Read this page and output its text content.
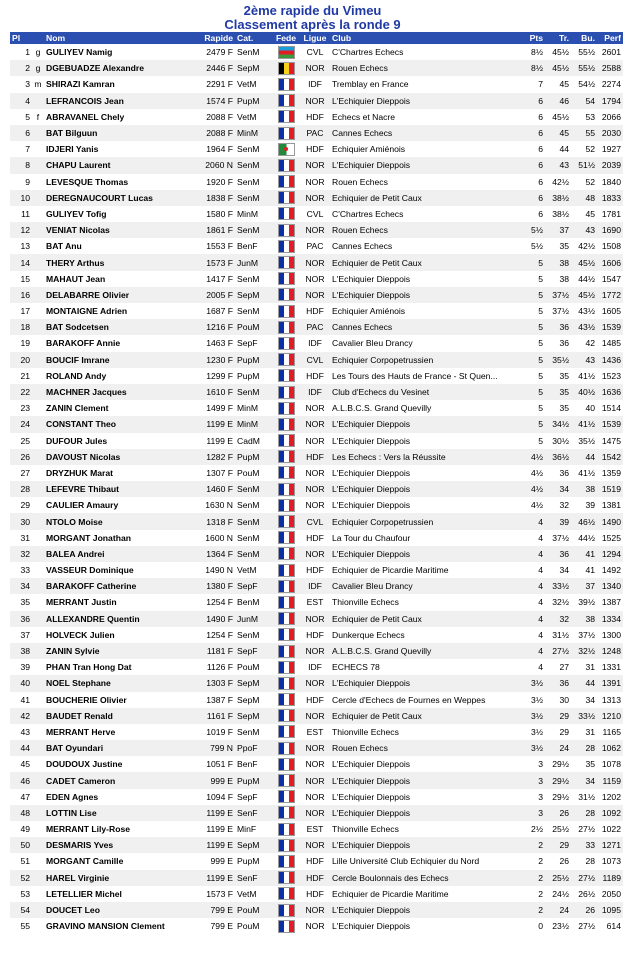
2ème rapide du Vimeu
Classement après la ronde 9
Pl		Nom	Rapide	Cat.	Fede	Ligue	Club	Pts	Tr.	Bu.	Perf
1	g	GULIYEV Namig	2479 F	SenM		CVL	C'Chartres Echecs	8½	45½	55½	2601
2	g	DGEBUADZE Alexandre	2446 F	SepM		NOR	Rouen Echecs	8½	45½	55½	2588
3	m	SHIRAZI Kamran	2291 F	VetM		IDF	Tremblay en France	7	45	54½	2274
4		LEFRANCOIS Jean	1574 F	PupM		NOR	L'Echiquier Dieppois	6	46	54	1794
5	f	ABRAVANEL Chely	2088 F	VetM		HDF	Echecs et Nacre	6	45½	53	2066
6		BAT Bilguun	2088 F	MinM		PAC	Cannes Echecs	6	45	55	2030
7		IDJERI Yanis	1964 F	SenM		HDF	Echiquier Amiénois	6	44	52	1927
8		CHAPU Laurent	2060 N	SenM		NOR	L'Echiquier Dieppois	6	43	51½	2039
9		LEVESQUE Thomas	1920 F	SenM		NOR	Rouen Echecs	6	42½	52	1840
10		DEREGNAUCOURT Lucas	1838 F	SenM		NOR	Echiquier de Petit Caux	6	38½	48	1833
11		GULIYEV Tofig	1580 F	MinM		CVL	C'Chartres Echecs	6	38½	45	1781
12		VENIAT Nicolas	1861 F	SenM		NOR	Rouen Echecs	5½	37	43	1690
13		BAT Anu	1553 F	BenF		PAC	Cannes Echecs	5½	35	42½	1508
14		THERY Arthus	1573 F	JunM		NOR	Echiquier de Petit Caux	5	38	45½	1606
15		MAHAUT Jean	1417 F	SenM		NOR	L'Echiquier Dieppois	5	38	44½	1547
16		DELABARRE Olivier	2005 F	SepM		NOR	L'Echiquier Dieppois	5	37½	45½	1772
17		MONTAIGNE Adrien	1687 F	SenM		HDF	Echiquier Amiénois	5	37½	43½	1605
18		BAT Sodcetsen	1216 F	PouM		PAC	Cannes Echecs	5	36	43½	1539
19		BARAKOFF Annie	1463 F	SepF		IDF	Cavalier Bleu Drancy	5	36	42	1485
20		BOUCIF Imrane	1230 F	PupM		CVL	Echiquier Corpopetrussien	5	35½	43	1436
21		ROLAND Andy	1299 F	PupM		HDF	Les Tours des Hauts de France - St Quen...	5	35	41½	1523
22		MACHNER Jacques	1610 F	SenM		IDF	Club d'Echecs du Vesinet	5	35	40½	1636
23		ZANIN Clement	1499 F	MinM		NOR	A.L.B.C.S. Grand Quevilly	5	35	40	1514
24		CONSTANT Theo	1199 E	MinM		NOR	L'Echiquier Dieppois	5	34½	41½	1539
25		DUFOUR Jules	1199 E	CadM		NOR	L'Echiquier Dieppois	5	30½	35½	1475
26		DAVOUST Nicolas	1282 F	PupM		HDF	Les Echecs : Vers la Réussite	4½	36½	44	1542
27		DRYZHUK Marat	1307 F	PouM		NOR	L'Echiquier Dieppois	4½	36	41½	1359
28		LEFEVRE Thibaut	1460 F	SenM		NOR	L'Echiquier Dieppois	4½	34	38	1519
29		CAULIER Amaury	1630 N	SenM		NOR	L'Echiquier Dieppois	4½	32	39	1381
30		NTOLO Moise	1318 F	SenM		CVL	Echiquier Corpopetrussien	4	39	46½	1490
31		MORGANT Jonathan	1600 N	SenM		HDF	La Tour du Chaufour	4	37½	44½	1525
32		BALEA Andrei	1364 F	SenM		NOR	L'Echiquier Dieppois	4	36	41	1294
33		VASSEUR Dominique	1490 N	VetM		HDF	Echiquier de Picardie Maritime	4	34	41	1492
34		BARAKOFF Catherine	1380 F	SepF		IDF	Cavalier Bleu Drancy	4	33½	37	1340
35		MERRANT Justin	1254 F	BenM		EST	Thionville Echecs	4	32½	39½	1387
36		ALLEXANDRE Quentin	1490 F	JunM		NOR	Echiquier de Petit Caux	4	32	38	1334
37		HOLVECK Julien	1254 F	SenM		HDF	Dunkerque Echecs	4	31½	37½	1300
38		ZANIN Sylvie	1181 F	SepF		NOR	A.L.B.C.S. Grand Quevilly	4	27½	32½	1248
39		PHAN Tran Hong Dat	1126 F	PouM		IDF	ECHECS 78	4	27	31	1331
40		NOEL Stephane	1303 F	SepM		NOR	L'Echiquier Dieppois	3½	36	44	1391
41		BOUCHERIE Olivier	1387 F	SepM		HDF	Cercle d'Echecs de Fournes en Weppes	3½	30	34	1313
42		BAUDET Renald	1161 F	SepM		NOR	Echiquier de Petit Caux	3½	29	33½	1210
43		MERRANT Herve	1019 F	SenM		EST	Thionville Echecs	3½	29	31	1165
44		BAT Oyundari	799 N	PpoF		NOR	Rouen Echecs	3½	24	28	1062
45		DOUDOUX Justine	1051 F	BenF		NOR	L'Echiquier Dieppois	3	29½	35	1078
46		CADET Cameron	999 E	PupM		NOR	L'Echiquier Dieppois	3	29½	34	1159
47		EDEN Agnes	1094 F	SepF		NOR	L'Echiquier Dieppois	3	29½	31½	1202
48		LOTTIN Lise	1199 E	SenF		NOR	L'Echiquier Dieppois	3	26	28	1092
49		MERRANT Lily-Rose	1199 E	MinF		EST	Thionville Echecs	2½	25½	27½	1022
50		DESMARIS Yves	1199 E	SepM		NOR	L'Echiquier Dieppois	2	29	33	1271
51		MORGANT Camille	999 E	PupM		HDF	Lille Université Club Echiquier du Nord	2	26	28	1073
52		HAREL Virginie	1199 E	SenF		HDF	Cercle Boulonnais des Echecs	2	25½	27½	1189
53		LETELLIER Michel	1573 F	VetM		HDF	Echiquier de Picardie Maritime	2	24½	26½	2050
54		DOUCET Leo	799 E	PouM		NOR	L'Echiquier Dieppois	2	24	26	1095
55		GRAVINO MANSION Clement	799 E	PouM		NOR	L'Echiquier Dieppois	0	23½	27½	614
